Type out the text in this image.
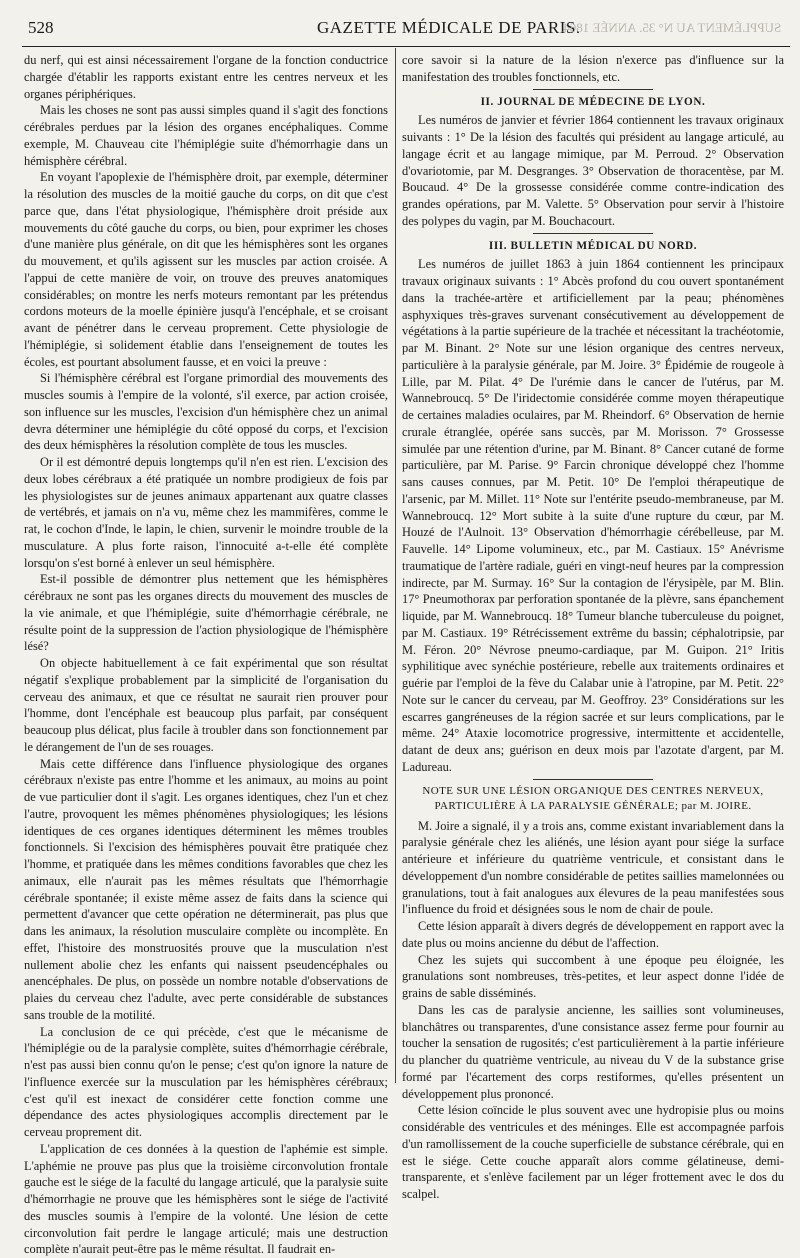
528	GAZETTE MÉDICALE DE PARIS.
SUPPLÉMENT AU N° 35. ANNÉE 1864.

du nerf, qui est ainsi nécessairement l'organe de la fonction conductrice chargée d'établir les rapports existant entre les centres nerveux et les organes périphériques.

Mais les choses ne sont pas aussi simples quand il s'agit des fonctions cérébrales perdues par la lésion des organes encéphaliques. Comme exemple, M. Chauveau cite l'hémiplégie suite d'hémorrhagie dans un hémisphère cérébral.

En voyant l'apoplexie de l'hémisphère droit, par exemple, déterminer la résolution des muscles de la moitié gauche du corps, on dit que c'est parce que, dans l'état physiologique, l'hémisphère droit préside aux mouvements du côté gauche du corps, ou bien, pour exprimer les choses d'une manière plus générale, on dit que les hémisphères sont les organes du mouvement, et qu'ils agissent sur les muscles par action croisée. A l'appui de cette manière de voir, on trouve des preuves anatomiques considérables; on montre les nerfs moteurs remontant par les prétendus cordons moteurs de la moelle épinière jusqu'à l'encéphale, et se croisant avant de pénétrer dans le cerveau proprement. Cette physiologie de l'hémiplégie, si solidement établie dans l'enseignement de toutes les écoles, est pourtant absolument fausse, et en voici la preuve :

Si l'hémisphère cérébral est l'organe primordial des mouvements des muscles soumis à l'empire de la volonté, s'il exerce, par action croisée, son influence sur les muscles, l'excision d'un hémisphère chez un animal devra déterminer une hémiplégie du côté opposé du corps, et l'excision des deux hémisphères la résolution complète de tous les muscles.

Or il est démontré depuis longtemps qu'il n'en est rien. L'excision des deux lobes cérébraux a été pratiquée un nombre prodigieux de fois par les physiologistes sur de jeunes animaux appartenant aux quatre classes de vertébrés, et jamais on n'a vu, même chez les mammifères, comme le rat, le cochon d'Inde, le lapin, le chien, survenir le moindre trouble de la musculature. A plus forte raison, l'innocuité a-t-elle été complète lorsqu'on s'est borné à enlever un seul hémisphère.

Est-il possible de démontrer plus nettement que les hémisphères cérébraux ne sont pas les organes directs du mouvement des muscles de la vie animale, et que l'hémiplégie, suite d'hémorrhagie cérébrale, ne résulte point de la suppression de l'action physiologique de l'hémisphère lésé?

On objecte habituellement à ce fait expérimental que son résultat négatif s'explique probablement par la simplicité de l'organisation du cerveau des animaux, et que ce résultat ne saurait rien prouver pour l'homme, dont l'encéphale est beaucoup plus parfait, par conséquent beaucoup plus délicat, plus facile à troubler dans son fonctionnement par le dérangement de l'un de ses rouages.

Mais cette différence dans l'influence physiologique des organes cérébraux n'existe pas entre l'homme et les animaux, au moins au point de vue particulier dont il s'agit. Les organes identiques, chez l'un et chez l'autre, provoquent les mêmes phénomènes physiologiques; les lésions identiques de ces organes identiques déterminent les mêmes troubles fonctionnels. Si l'excision des hémisphères pouvait être pratiquée chez l'homme, et pratiquée dans les mêmes conditions favorables que chez les animaux, elle n'aurait pas les mêmes résultats que l'hémorrhagie cérébrale spontanée; il existe même assez de faits dans la science qui permettent d'avancer que cette opération ne déterminerait, pas plus que dans les animaux, la résolution musculaire complète ou incomplète. En effet, l'histoire des monstruosités prouve que la musculation n'est nullement abolie chez les enfants qui naissent pseudencéphales ou anencéphales. De plus, on possède un nombre notable d'observations de plaies du cerveau chez l'adulte, avec perte considérable de substances sans trouble de la motilité.

La conclusion de ce qui précède, c'est que le mécanisme de l'hémiplégie ou de la paralysie complète, suites d'hémorrhagie cérébrale, n'est pas aussi bien connu qu'on le pense; c'est qu'on ignore la nature de l'influence exercée sur la musculation par les hémisphères cérébraux; c'est qu'il est inexact de considérer cette fonction comme une dépendance des actes physiologiques accomplis directement par le cerveau proprement dit.

L'application de ces données à la question de l'aphémie est simple. L'aphémie ne prouve pas plus que la troisième circonvolution frontale gauche est le siége de la faculté du langage articulé, que la paralysie suite d'hémorrhagie ne prouve que les hémisphères sont le siége de l'activité des muscles soumis à l'empire de la volonté. Une lésion de cette circonvolution fait perdre le langage articulé; mais une destruction complète n'aurait peut-être pas le même résultat. Il faudrait en-

core savoir si la nature de la lésion n'exerce pas d'influence sur la manifestation des troubles fonctionnels, etc.

II. JOURNAL DE MÉDECINE DE LYON.

Les numéros de janvier et février 1864 contiennent les travaux originaux suivants : 1° De la lésion des facultés qui président au langage articulé, au langage écrit et au langage mimique, par M. Perroud. 2° Observation d'ovariotomie, par M. Desgranges. 3° Observation de thoracentèse, par M. Boucaud. 4° De la grossesse considérée comme contre-indication des grandes opérations, par M. Valette. 5° Observation pour servir à l'histoire des polypes du vagin, par M. Bouchacourt.

III. BULLETIN MÉDICAL DU NORD.

Les numéros de juillet 1863 à juin 1864 contiennent les principaux travaux originaux suivants : 1° Abcès profond du cou ouvert spontanément dans la trachée-artère et artificiellement par la peau; phénomènes asphyxiques très-graves survenant consécutivement au développement de végétations à la partie supérieure de la trachée et nécessitant la trachéotomie, par M. Binant. 2° Note sur une lésion organique des centres nerveux, particulière à la paralysie générale, par M. Joire. 3° Épidémie de rougeole à Lille, par M. Pilat. 4° De l'urémie dans le cancer de l'utérus, par M. Wannebroucq. 5° De l'iridectomie considérée comme moyen thérapeutique de certaines maladies oculaires, par M. Rheindorf. 6° Observation de hernie crurale étranglée, opérée sans succès, par M. Morisson. 7° Grossesse simulée par une rétention d'urine, par M. Binant. 8° Cancer cutané de forme particulière, par M. Parise. 9° Farcin chronique développé chez l'homme sans causes connues, par M. Petit. 10° De l'emploi thérapeutique de l'arsenic, par M. Millet. 11° Note sur l'entérite pseudo-membraneuse, par M. Wannebroucq. 12° Mort subite à la suite d'une rupture du cœur, par M. Houzé de l'Aulnoit. 13° Observation d'hémorrhagie cérébelleuse, par M. Fauvelle. 14° Lipome volumineux, etc., par M. Castiaux. 15° Anévrisme traumatique de l'artère radiale, guéri en vingt-neuf heures par la compression indirecte, par M. Surmay. 16° Sur la contagion de l'érysipèle, par M. Blin. 17° Pneumothorax par perforation spontanée de la plèvre, sans épanchement liquide, par M. Wannebroucq. 18° Tumeur blanche tuberculeuse du poignet, par M. Castiaux. 19° Rétrécissement extrême du bassin; céphalotripsie, par M. Féron. 20° Névrose pneumo-cardiaque, par M. Guipon. 21° Iritis syphilitique avec synéchie postérieure, rebelle aux traitements ordinaires et guérie par l'emploi de la fève du Calabar unie à l'atropine, par M. Petit. 22° Note sur le cancer du cerveau, par M. Geoffroy. 23° Considérations sur les escarres gangréneuses de la région sacrée et sur leurs complications, par le même. 24° Ataxie locomotrice progressive, intermittente et accidentelle, datant de deux ans; guérison en deux mois par l'azotate d'argent, par M. Ladureau.

NOTE SUR UNE LÉSION ORGANIQUE DES CENTRES NERVEUX, PARTICULIÈRE À LA PARALYSIE GÉNÉRALE; par M. JOIRE.

M. Joire a signalé, il y a trois ans, comme existant invariablement dans la paralysie générale chez les aliénés, une lésion ayant pour siége la surface antérieure et inférieure du quatrième ventricule, et consistant dans le développement d'un nombre considérable de petites saillies mamelonnées ou granulations, tout à fait analogues aux élevures de la peau manifestées sous l'influence du froid et désignées sous le nom de chair de poule.

Cette lésion apparaît à divers degrés de développement en rapport avec la date plus ou moins ancienne du début de l'affection.

Chez les sujets qui succombent à une époque peu éloignée, les granulations sont nombreuses, très-petites, et leur aspect donne l'idée de grains de sable disséminés.

Dans les cas de paralysie ancienne, les saillies sont volumineuses, blanchâtres ou transparentes, d'une consistance assez ferme pour fournir au toucher la sensation de rugosités; c'est particulièrement à la partie inférieure du plancher du quatrième ventricule, au niveau du V de la substance grise formé par l'écartement des corps restiformes, qu'elles présentent un développement plus prononcé.

Cette lésion coïncide le plus souvent avec une hydropisie plus ou moins considérable des ventricules et des méninges. Elle est accompagnée parfois d'un ramollissement de la couche superficielle de substance cérébrale, qui en est le siége. Cette couche apparaît alors comme gélatineuse, demi-transparente, et s'enlève facilement par un léger frottement avec le dos du scalpel.
